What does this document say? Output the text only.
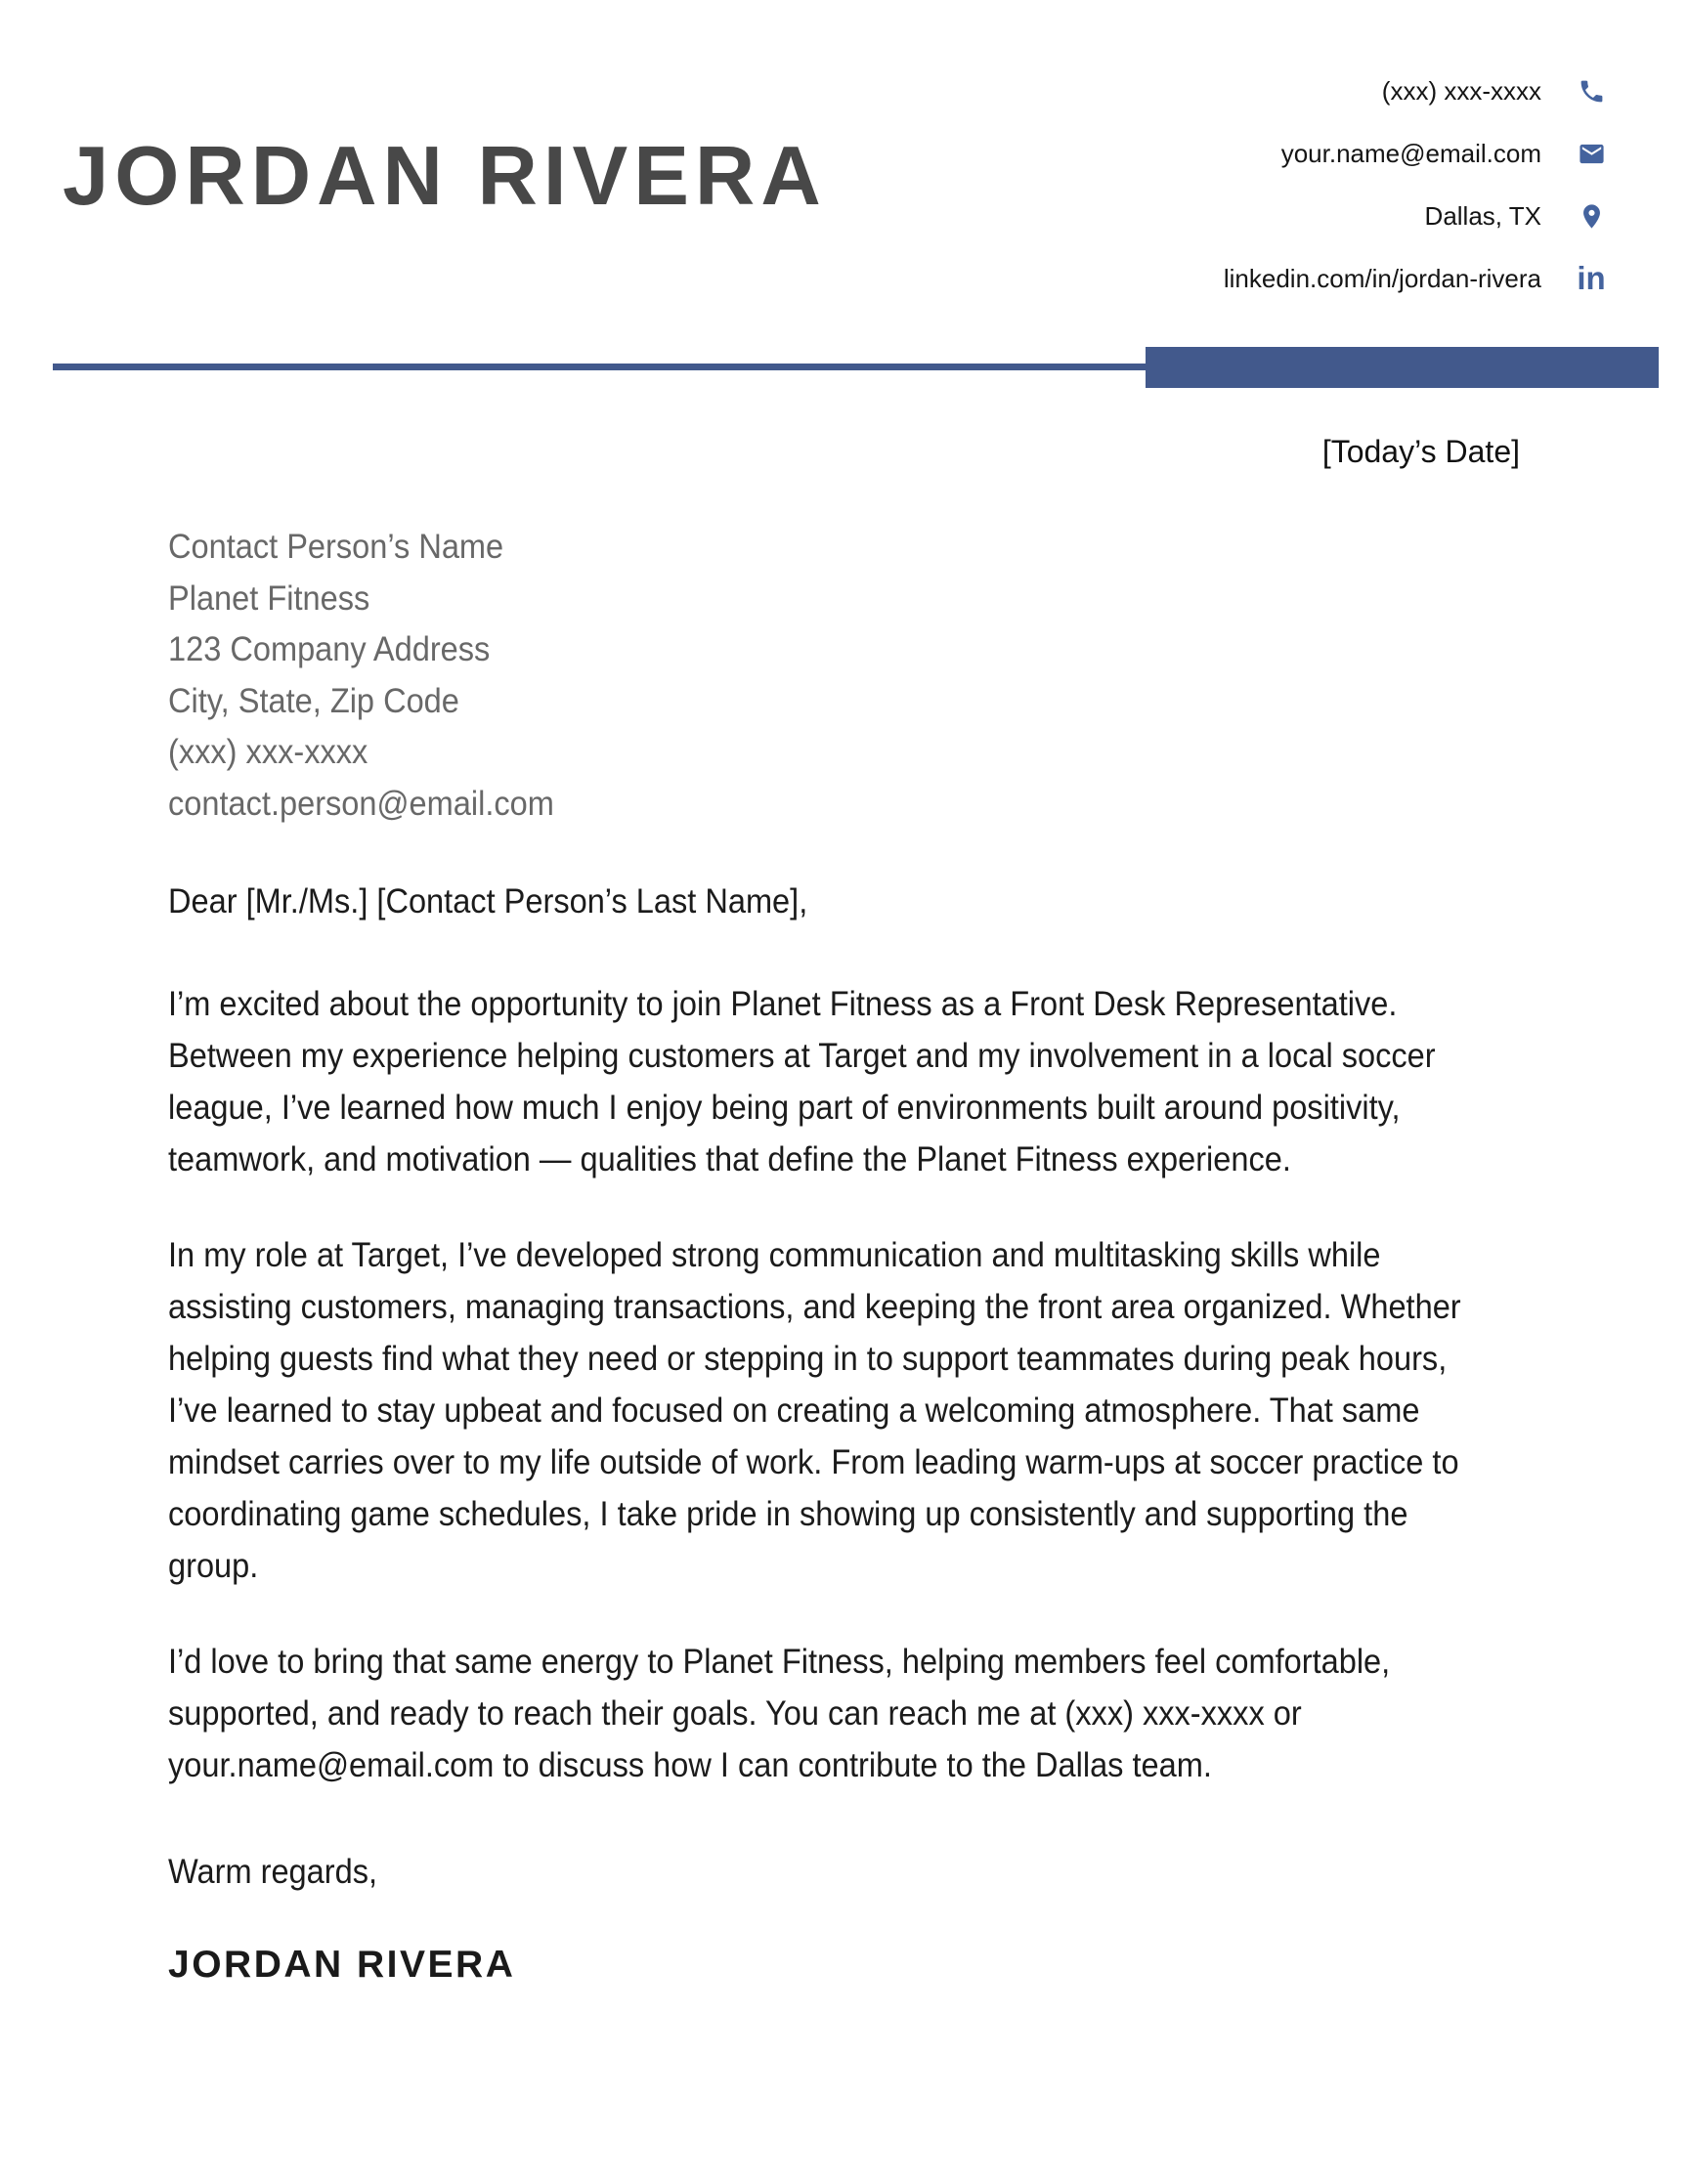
JORDAN RIVERA
(xxx) xxx-xxxx
your.name@email.com
Dallas, TX
linkedin.com/in/jordan-rivera in
[Today’s Date]
Contact Person’s Name
Planet Fitness
123 Company Address
City, State, Zip Code
(xxx) xxx-xxxx
contact.person@email.com
Dear [Mr./Ms.] [Contact Person’s Last Name],

I’m excited about the opportunity to join Planet Fitness as a Front Desk Representative. Between my experience helping customers at Target and my involvement in a local soccer league, I’ve learned how much I enjoy being part of environments built around positivity, teamwork, and motivation — qualities that define the Planet Fitness experience.

In my role at Target, I’ve developed strong communication and multitasking skills while assisting customers, managing transactions, and keeping the front area organized. Whether helping guests find what they need or stepping in to support teammates during peak hours, I’ve learned to stay upbeat and focused on creating a welcoming atmosphere. That same mindset carries over to my life outside of work. From leading warm-ups at soccer practice to coordinating game schedules, I take pride in showing up consistently and supporting the group.

I’d love to bring that same energy to Planet Fitness, helping members feel comfortable, supported, and ready to reach their goals. You can reach me at (xxx) xxx-xxxx or your.name@email.com to discuss how I can contribute to the Dallas team.

Warm regards,
JORDAN RIVERA
